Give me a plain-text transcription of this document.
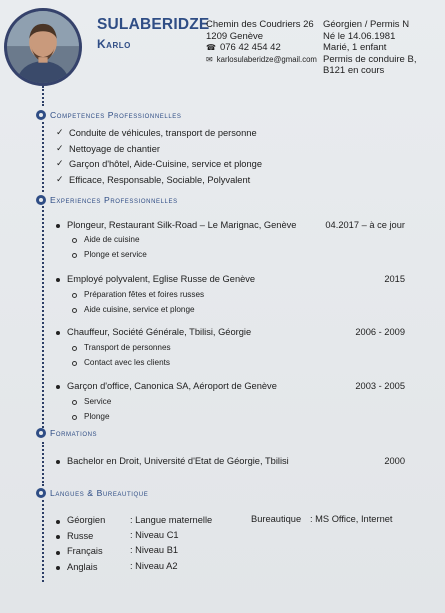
SULABERIDZE
Karlo
Chemin des Coudriers 26
1209 Genève
☎ 076 42 454 42
✉ karlosulaberidze@gmail.com
Géorgien / Permis N
Né le 14.06.1981
Marié, 1 enfant
Permis de conduire B,
B121 en cours
Competences Professionnelles
✓ Conduite de véhicules, transport de personne
✓ Nettoyage de chantier
✓ Garçon d'hôtel, Aide-Cuisine, service et plonge
✓ Efficace, Responsable, Sociable, Polyvalent
Experiences Professionnelles
Plongeur, Restaurant Silk-Road – Le Marignac, Genève	04.2017 – à ce jour
Aide de cuisine
Plonge et service
Employé polyvalent, Eglise Russe de Genève	2015
Préparation fêtes et foires russes
Aide cuisine, service et plonge
Chauffeur, Société Générale, Tbilisi, Géorgie	2006 - 2009
Transport de personnes
Contact avec les clients
Garçon d'office, Canonica SA, Aéroport de Genève	2003 - 2005
Service
Plonge
Formations
Bachelor en Droit, Université d'Etat de Géorgie, Tbilisi	2000
Langues & Bureautique
Géorgien	: Langue maternelle	Bureautique : MS Office, Internet
Russe	: Niveau C1
Français	: Niveau B1
Anglais	: Niveau A2
